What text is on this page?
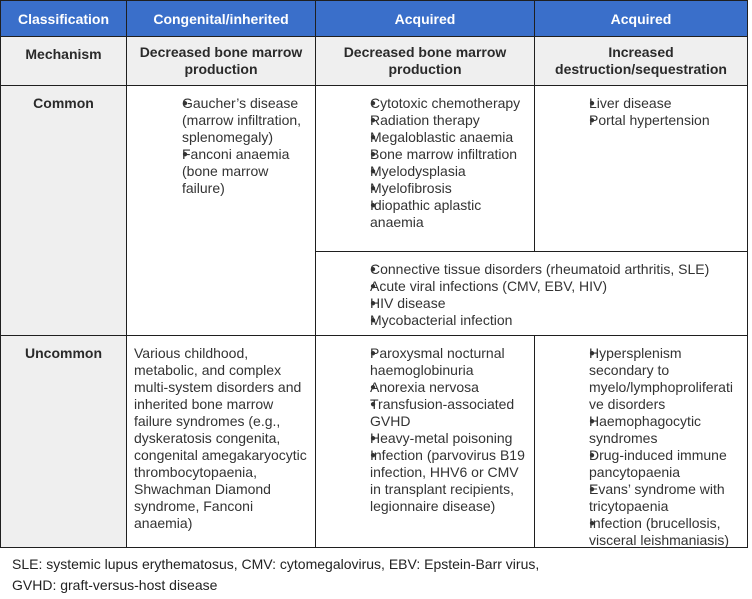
Classification	Congenital/inherited	Acquired	Acquired
Mechanism	Decreased bone marrow production
Decreased bone marrow production
Increased destruction/sequestration
Common
●	Gaucher’s disease (marrow infiltration, splenomegaly)
● Fanconi anaemia (bone marrow failure)
● Cytotoxic chemotherapy
● Radiation therapy
● Megaloblastic anaemia
● Bone marrow infiltration
● Myelodysplasia
● Myelofibrosis
● Idiopathic aplastic anaemia
● Liver disease
● Portal hypertension
● Connective tissue disorders (rheumatoid arthritis, SLE)
● Acute viral infections (CMV, EBV, HIV)
● HIV disease
● Mycobacterial infection
Uncommon	Various childhood, metabolic, and complex multi-system disorders and inherited bone marrow failure syndromes (e.g., dyskeratosis congenita, congenital amegakaryocytic thrombocytopaenia, Shwachman Diamond syndrome, Fanconi anaemia)
● Paroxysmal nocturnal haemoglobinuria
● Anorexia nervosa
● Transfusion-associated GVHD
● Heavy-metal poisoning
● Infection (parvovirus B19 infection, HHV6 or CMV in transplant recipients, legionnaire disease)
● Hypersplenism secondary to myelo/lymphoproliferative disorders
● Haemophagocytic syndromes
● Drug-induced immune pancytopaenia
● Evans’ syndrome with tricytopaenia
● Infection (brucellosis, visceral leishmaniasis)
SLE: systemic lupus erythematosus, CMV: cytomegalovirus, EBV: Epstein-Barr virus,
GVHD: graft-versus-host disease
